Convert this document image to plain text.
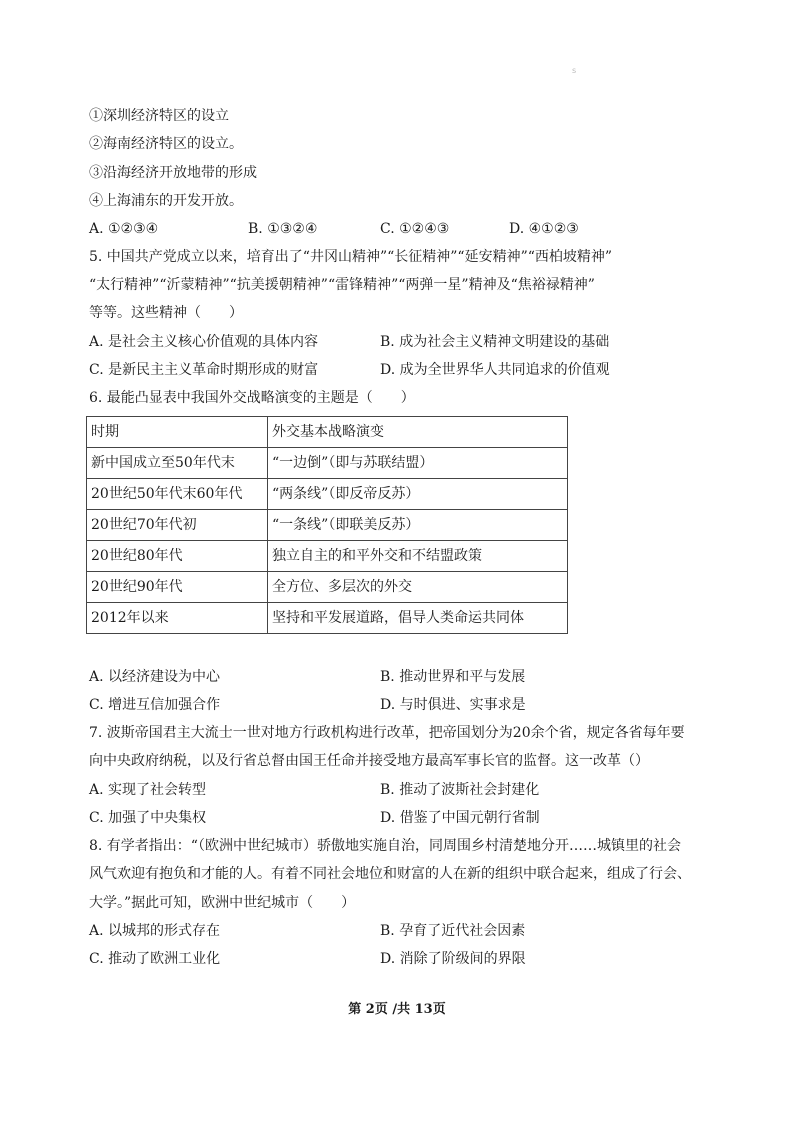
s
①深圳经济特区的设立
②海南经济特区的设立。
③沿海经济开放地带的形成
④上海浦东的开发开放。
A. ①②③④	B. ①③②④	C. ①②④③	D. ④①②③
5. 中国共产党成立以来，培育出了“井冈山精神”“长征精神”“延安精神”“西柏坡精神”
“太行精神”“沂蒙精神”“抗美援朝精神”“雷锋精神”“两弹一星”精神及“焦裕禄精神”
等等。这些精神（　　）
A. 是社会主义核心价值观的具体内容	B. 成为社会主义精神文明建设的基础
C. 是新民主主义革命时期形成的财富	D. 成为全世界华人共同追求的价值观
6. 最能凸显表中我国外交战略演变的主题是（　　）
时期	外交基本战略演变
新中国成立至50年代末	“一边倒”（即与苏联结盟）
20世纪50年代末60年代	“两条线”（即反帝反苏）
20世纪70年代初	“一条线”（即联美反苏）
20世纪80年代	独立自主的和平外交和不结盟政策
20世纪90年代	全方位、多层次的外交
2012年以来	坚持和平发展道路，倡导人类命运共同体
A. 以经济建设为中心	B. 推动世界和平与发展
C. 增进互信加强合作	D. 与时俱进、实事求是
7. 波斯帝国君主大流士一世对地方行政机构进行改革，把帝国划分为20余个省，规定各省每年要
向中央政府纳税，以及行省总督由国王任命并接受地方最高军事长官的监督。这一改革（）
A. 实现了社会转型	B. 推动了波斯社会封建化
C. 加强了中央集权	D. 借鉴了中国元朝行省制
8. 有学者指出：“（欧洲中世纪城市）骄傲地实施自治，同周围乡村清楚地分开……城镇里的社会
风气欢迎有抱负和才能的人。有着不同社会地位和财富的人在新的组织中联合起来，组成了行会、
大学。”据此可知，欧洲中世纪城市（　　）
A. 以城邦的形式存在	B. 孕育了近代社会因素
C. 推动了欧洲工业化	D. 消除了阶级间的界限
第 2页 /共 13页
